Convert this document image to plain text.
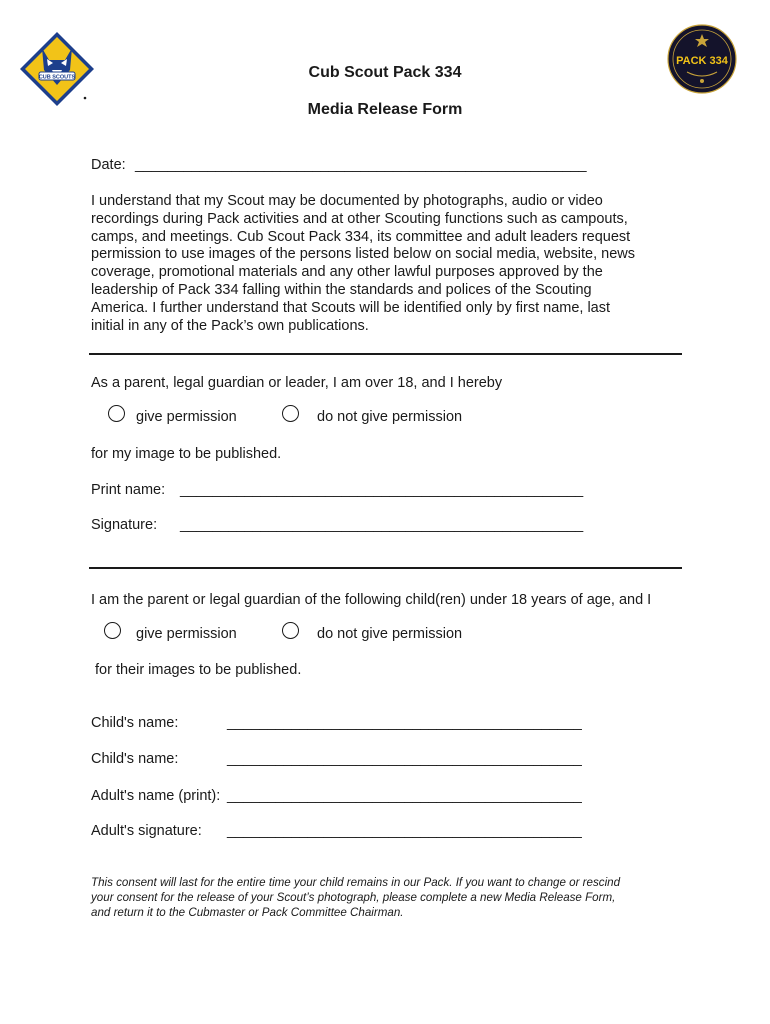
CUB SCOUTS
PACK 334
Cub Scout Pack 334
Media Release Form
Date: ________________________________________________________
I understand that my Scout may be documented by photographs, audio or video
recordings during Pack activities and at other Scouting functions such as campouts,
camps, and meetings. Cub Scout Pack 334, its committee and adult leaders request
permission to use images of the persons listed below on social media, website, news
coverage, promotional materials and any other lawful purposes approved by the
leadership of Pack 334 falling within the standards and polices of the Scouting
America. I further understand that Scouts will be identified only by first name, last
initial in any of the Pack’s own publications.
As a parent, legal guardian or leader, I am over 18, and I hereby
give permission	do not give permission
for my image to be published.
Print name: __________________________________________________
Signature: __________________________________________________
I am the parent or legal guardian of the following child(ren) under 18 years of age, and I
give permission	do not give permission
for their images to be published.
Child's name:	____________________________________________
Child's name:	____________________________________________
Adult's name (print): ____________________________________________
Adult's signature: ____________________________________________
This consent will last for the entire time your child remains in our Pack. If you want to change or rescind
your consent for the release of your Scout’s photograph, please complete a new Media Release Form,
and return it to the Cubmaster or Pack Committee Chairman.
